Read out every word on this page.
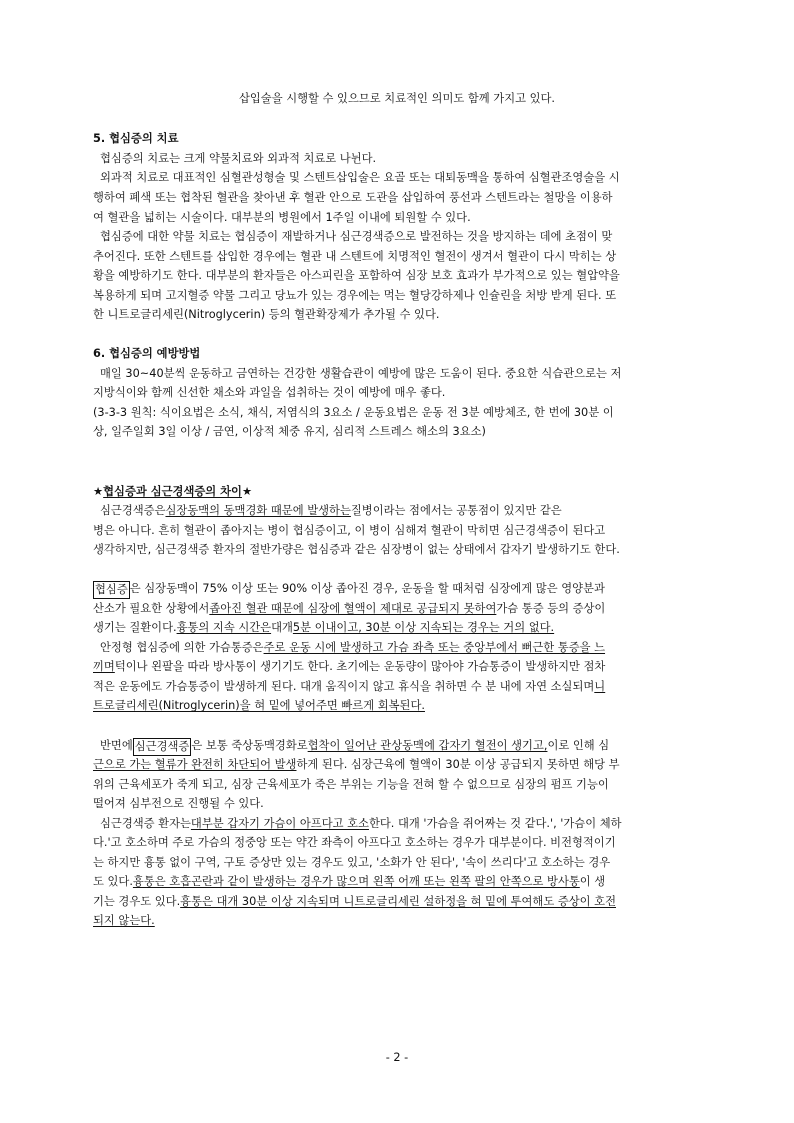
삽입술을 시행할 수 있으므로 치료적인 의미도 함께 가지고 있다.
5.
협심증의 치료
협심증의 치료는 크게 약물치료와 외과적 치료로 나뉜다.
외과적 치료로 대표적인 심혈관성형술 및 스텐트삽입술은 요골 또는 대퇴동맥을 통하여 심혈관조영술을 시
행하여 폐색 또는 협착된 혈관을 찾아낸 후 혈관 안으로 도관을 삽입하여 풍선과 스텐트라는 철망을 이용하
여 혈관을 넓히는 시술이다. 대부분의 병원에서 1주일 이내에 퇴원할 수 있다.
협심증에 대한 약물 치료는 협심증이 재발하거나 심근경색증으로 발전하는 것을 방지하는 데에 초점이 맞
추어진다. 또한 스텐트를 삽입한 경우에는 혈관 내 스텐트에 치명적인 혈전이 생겨서 혈관이 다시 막히는 상
황을 예방하기도 한다. 대부분의 환자들은 아스피린을 포함하여 심장 보호 효과가 부가적으로 있는 혈압약을
복용하게 되며 고지혈증 약물 그리고 당뇨가 있는 경우에는 먹는 혈당강하제나 인슐린을 처방 받게 된다. 또
한 니트로글리세린(Nitroglycerin) 등의 혈관확장제가 추가될 수 있다.
6.
협심증의 예방방법
매일 30~40분씩 운동하고 금연하는 건강한 생활습관이 예방에 많은 도움이 된다. 중요한 식습관으로는 저
지방식이와 함께 신선한 채소와 과일을 섭취하는 것이 예방에 매우 좋다.
(3-3-3 원칙: 식이요법은 소식, 채식, 저염식의 3요소 / 운동요법은 운동 전 3분 예방체조, 한 번에 30분 이
상, 일주일회 3일 이상 / 금연, 이상적 체중 유지, 심리적 스트레스 해소의 3요소)
★ 협심증과 심근경색증의 차이 ★
심근경색증은 심장동맥의 동맥경화 때문에 발생하는 질병이라는 점에서는 공통점이 있지만 같은
병은 아니다. 흔히 혈관이 좁아지는 병이 협심증이고, 이 병이 심해져 혈관이 막히면 심근경색증이 된다고
생각하지만, 심근경색증 환자의 절반가량은 협심증과 같은 심장병이 없는 상태에서 갑자기 발생하기도 한다.
협심증 은 심장동맥이 75% 이상 또는 90% 이상 좁아진 경우, 운동을 할 때처럼 심장에게 많은 영양분과
산소가 필요한 상황에서 좁아진 혈관 때문에 심장에 혈액이 제대로 공급되지 못하여 가슴 통증 등의 증상이
생기는 질환이다. 흉통의 지속 시간은 대개 5분 이내이고, 30분 이상 지속되는 경우는 거의 없다.
안정형 협심증에 의한 가슴통증은 주로 운동 시에 발생하고 가슴 좌측 또는 중앙부에서 뻐근한 통증을 느
끼며 턱이나 왼팔을 따라 방사통이 생기기도 한다. 초기에는 운동량이 많아야 가슴통증이 발생하지만 점차
적은 운동에도 가슴통증이 발생하게 된다. 대개 움직이지 않고 휴식을 취하면 수 분 내에 자연 소실되며 니
트로글리세린(Nitroglycerin)을 혀 밑에 넣어주면 빠르게 회복된다.
반면에 심근경색증 은 보통 죽상동맥경화로 협착이 일어난 관상동맥에 갑자기 혈전이 생기고, 이로 인해 심
근으로 가는 혈류가 완전히 차단되어 발생 하게 된다. 심장근육에 혈액이 30분 이상 공급되지 못하면 해당 부
위의 근육세포가 죽게 되고, 심장 근육세포가 죽은 부위는 기능을 전혀 할 수 없으므로 심장의 펌프 기능이
떨어져 심부전으로 진행될 수 있다.
심근경색증 환자는 대부분 갑자기 가슴이 아프다고 호소 한다. 대개 '가슴을 쥐어짜는 것 같다.', '가슴이 체하
다.'고 호소하며 주로 가슴의 정중앙 또는 약간 좌측이 아프다고 호소하는 경우가 대부분이다. 비전형적이기
는 하지만 흉통 없이 구역, 구토 증상만 있는 경우도 있고, '소화가 안 된다', '속이 쓰리다'고 호소하는 경우
도 있다. 흉통은 호흡곤란과 같이 발생하는 경우가 많으며 왼쪽 어깨 또는 왼쪽 팔의 안쪽으로 방사통 이 생
기는 경우도 있다. 흉통은 대개 30분 이상 지속되며 니트로글리세린 설하정을 혀 밑에 투여해도 증상이 호전
되지 않는다.
- 2 -
